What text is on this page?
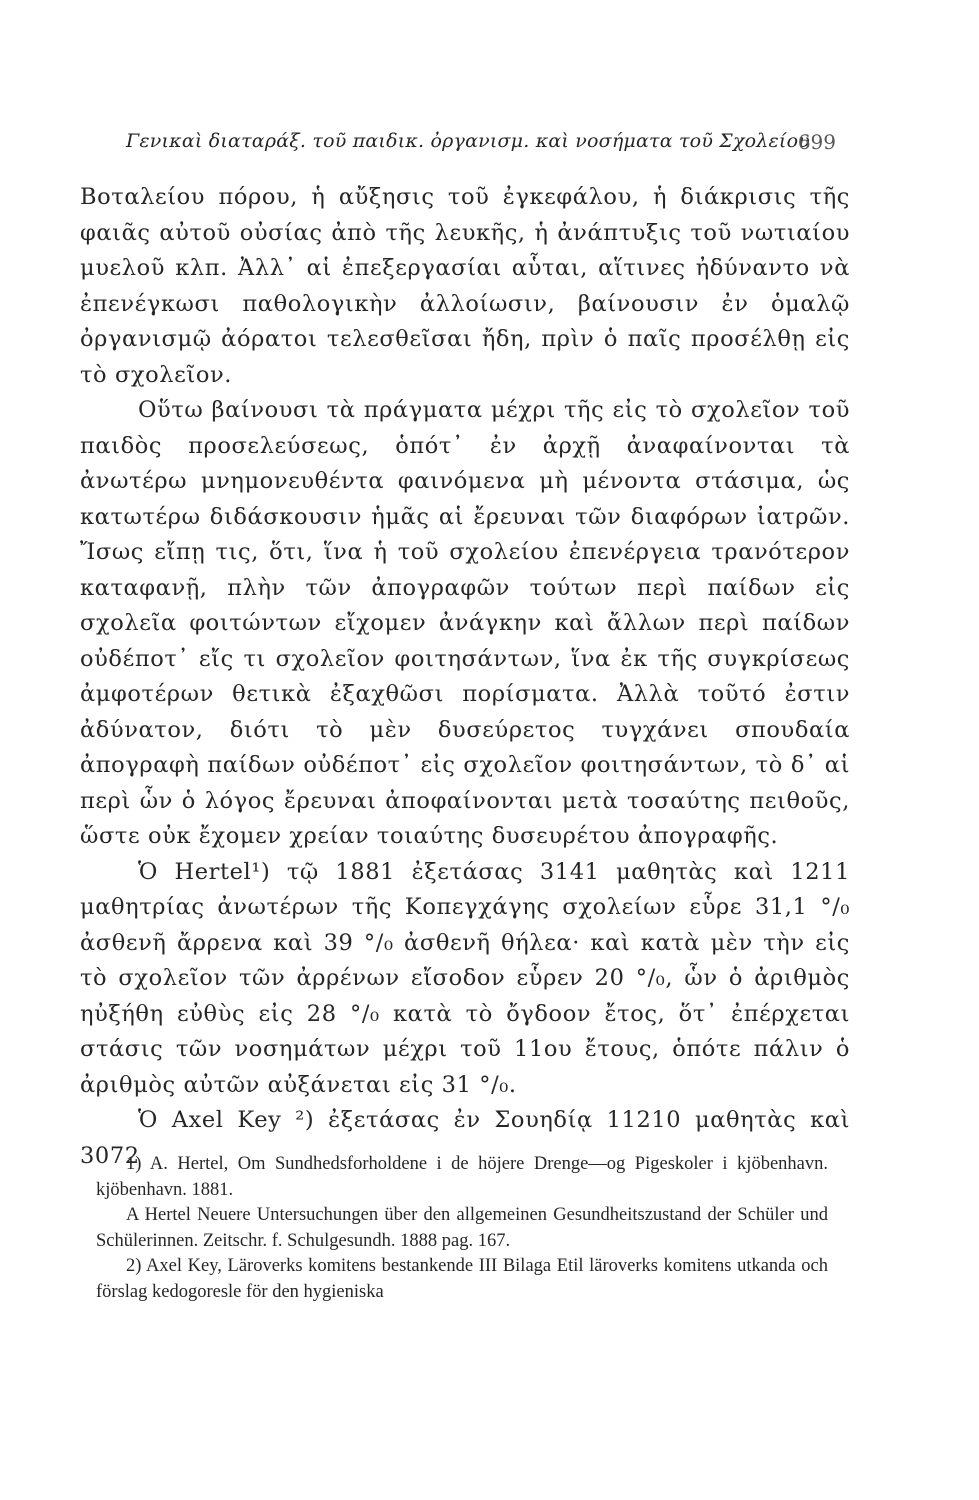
Γενικαὶ διαταράξ. τοῦ παιδικ. ὀργανισμ. καὶ νοσήματα τοῦ Σχολείου
699

Βοταλείου πόρου, ἡ αὔξησις τοῦ ἐγκεφάλου, ἡ διάκρισις τῆς φαιᾶς αὐτοῦ οὐσίας ἀπὸ τῆς λευκῆς, ἡ ἀνάπτυξις τοῦ νωτιαίου μυελοῦ κλπ. Ἀλλ᾽ αἱ ἐπεξεργασίαι αὗται, αἵτινες ἠδύναντο νὰ ἐπενέγκωσι παθολογικὴν ἀλλοίωσιν, βαίνουσιν ἐν ὁμαλῷ ὀργανισμῷ ἀόρατοι τελεσθεῖσαι ἤδη, πρὶν ὁ παῖς προσέλθῃ εἰς τὸ σχολεῖον.

Οὕτω βαίνουσι τὰ πράγματα μέχρι τῆς εἰς τὸ σχολεῖον τοῦ παιδὸς προσελεύσεως, ὁπότ᾽ ἐν ἀρχῇ ἀναφαίνονται τὰ ἀνωτέρω μνημονευθέντα φαινόμενα μὴ μένοντα στάσιμα, ὡς κατωτέρω διδάσκουσιν ἡμᾶς αἱ ἔρευναι τῶν διαφόρων ἰατρῶν. Ἴσως εἴπῃ τις, ὅτι, ἵνα ἡ τοῦ σχολείου ἐπενέργεια τρανότερον καταφανῇ, πλὴν τῶν ἀπογραφῶν τούτων περὶ παίδων εἰς σχολεῖα φοιτώντων εἴχομεν ἀνάγκην καὶ ἄλλων περὶ παίδων οὐδέποτ᾽ εἴς τι σχολεῖον φοιτησάντων, ἵνα ἐκ τῆς συγκρίσεως ἀμφοτέρων θετικὰ ἐξαχθῶσι πορίσματα. Ἀλλὰ τοῦτό ἐστιν ἀδύνατον, διότι τὸ μὲν δυσεύρετος τυγχάνει σπουδαία ἀπογραφὴ παίδων οὐδέποτ᾽ εἰς σχολεῖον φοιτησάντων, τὸ δ᾽ αἱ περὶ ὧν ὁ λόγος ἔρευναι ἀποφαίνονται μετὰ τοσαύτης πειθοῦς, ὥστε οὐκ ἔχομεν χρείαν τοιαύτης δυσευρέτου ἀπογραφῆς.

Ὁ Hertel¹) τῷ 1881 ἐξετάσας 3141 μαθητὰς καὶ 1211 μαθητρίας ἀνωτέρων τῆς Κοπεγχάγης σχολείων εὗρε 31,1 °/₀ ἀσθενῆ ἄρρενα καὶ 39 °/₀ ἀσθενῆ θήλεα· καὶ κατὰ μὲν τὴν εἰς τὸ σχολεῖον τῶν ἀρρένων εἴσοδον εὗρεν 20 °/₀, ὧν ὁ ἀριθμὸς ηὐξήθη εὐθὺς εἰς 28 °/₀ κατὰ τὸ ὄγδοον ἔτος, ὅτ᾽ ἐπέρχεται στάσις τῶν νοσημάτων μέχρι τοῦ 11ου ἔτους, ὁπότε πάλιν ὁ ἀριθμὸς αὐτῶν αὐξάνεται εἰς 31 °/₀.

Ὁ Axel Key ²) ἐξετάσας ἐν Σουηδίᾳ 11210 μαθητὰς καὶ 3072

1) A. Hertel, Om Sundhedsforholdene i de höjere Drenge—og Pigeskoler i kjöbenhavn. kjöbenhavn. 1881.

A Hertel Neuere Untersuchungen über den allgemeinen Gesundheitszustand der Schüler und Schülerinnen. Zeitschr. f. Schulgesundh. 1888 pag. 167.

2) Axel Key, Läroverks komitens bestankende III Bilaga Etil läroverks komitens utkanda och förslag kedogoresle för den hygieniska
